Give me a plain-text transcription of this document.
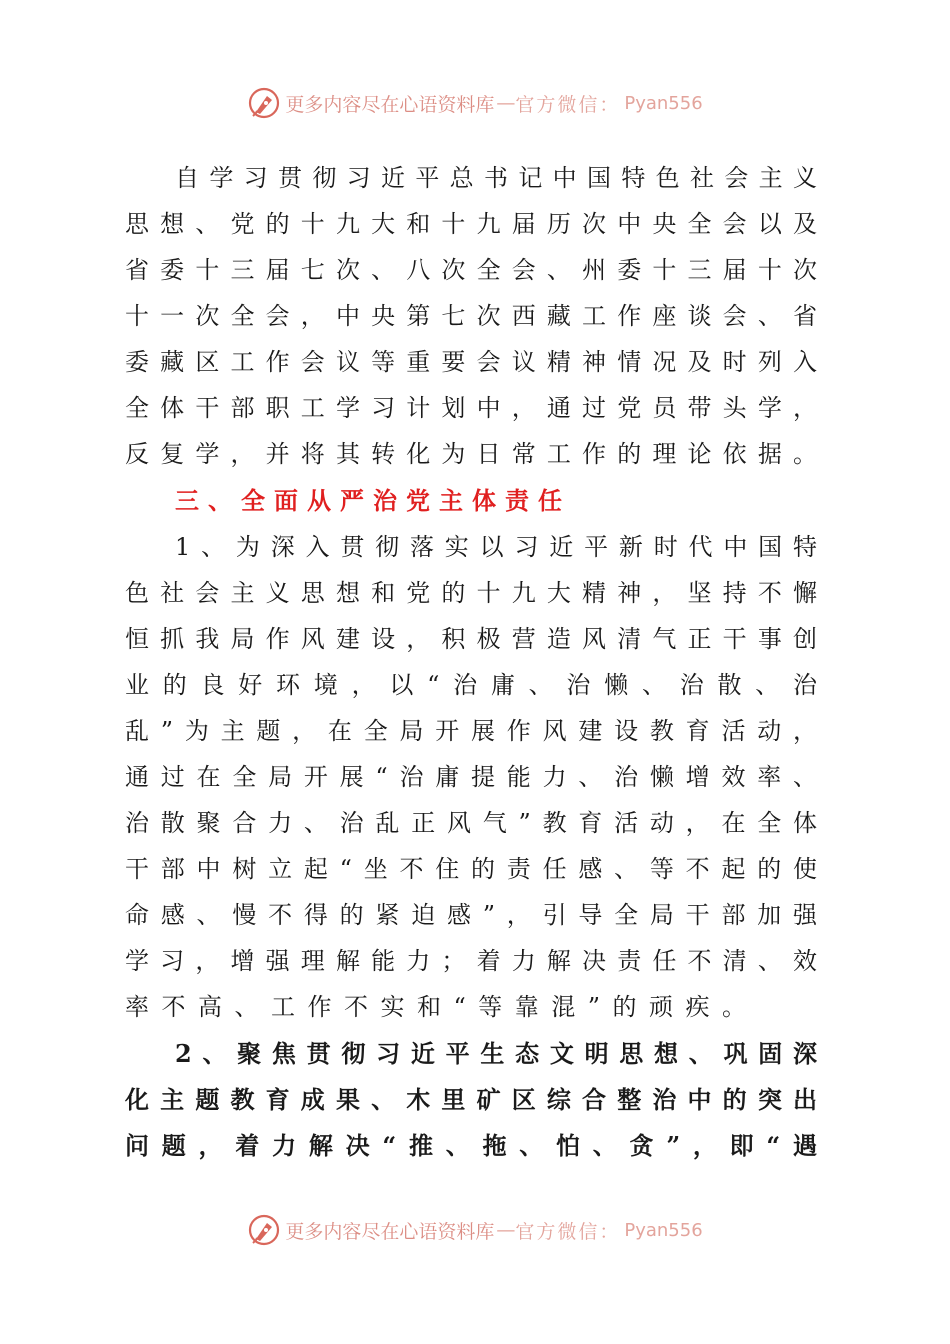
更多内容尽在心语资料库 — 官方微信： Pyan556
自学习贯彻习近平总书记中国特色社会主义
思想、党的十九大和十九届历次中央全会以及
省委十三届七次、八次全会、州委十三届十次
十一次全会，中央第七次西藏工作座谈会、省
委藏区工作会议等重要会议精神情况及时列入
全体干部职工学习计划中，通过党员带头学，
反复学，并将其转化为日常工作的理论依据。
三、全面从严治党主体责任
1、为深入贯彻落实以习近平新时代中国特
色社会主义思想和党的十九大精神，坚持不懈
恒抓我局作风建设，积极营造风清气正干事创
业的良好环境，以“治庸、治懒、治散、治
乱”为主题，在全局开展作风建设教育活动，
通过在全局开展“治庸提能力、治懒增效率、
治散聚合力、治乱正风气”教育活动，在全体
干部中树立起“坐不住的责任感、等不起的使
命感、慢不得的紧迫感”，引导全局干部加强
学习，增强理解能力；着力解决责任不清、效
率不高、工作不实和“等靠混”的顽疾。
2、聚焦贯彻习近平生态文明思想、巩固深
化主题教育成果、木里矿区综合整治中的突出
问题，着力解决“推、拖、怕、贪”，即“遇
更多内容尽在心语资料库 — 官方微信： Pyan556
